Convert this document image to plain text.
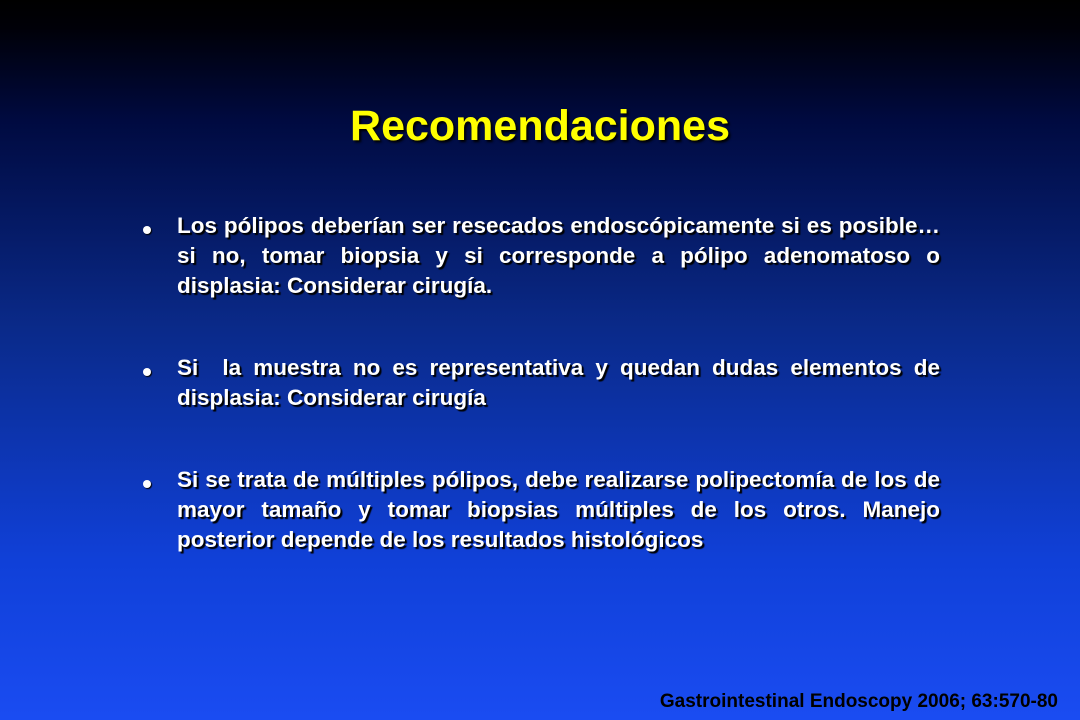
Recomendaciones
Los pólipos deberían ser resecados endoscópicamente si es posible… si no, tomar biopsia y si corresponde a pólipo adenomatoso o displasia: Considerar cirugía.
Si  la muestra no es representativa y quedan dudas elementos de displasia: Considerar cirugía
Si se trata de múltiples pólipos, debe realizarse polipectomía de los de mayor tamaño y tomar biopsias múltiples de los otros. Manejo posterior depende de los resultados histológicos
Gastrointestinal Endoscopy 2006; 63:570-80
